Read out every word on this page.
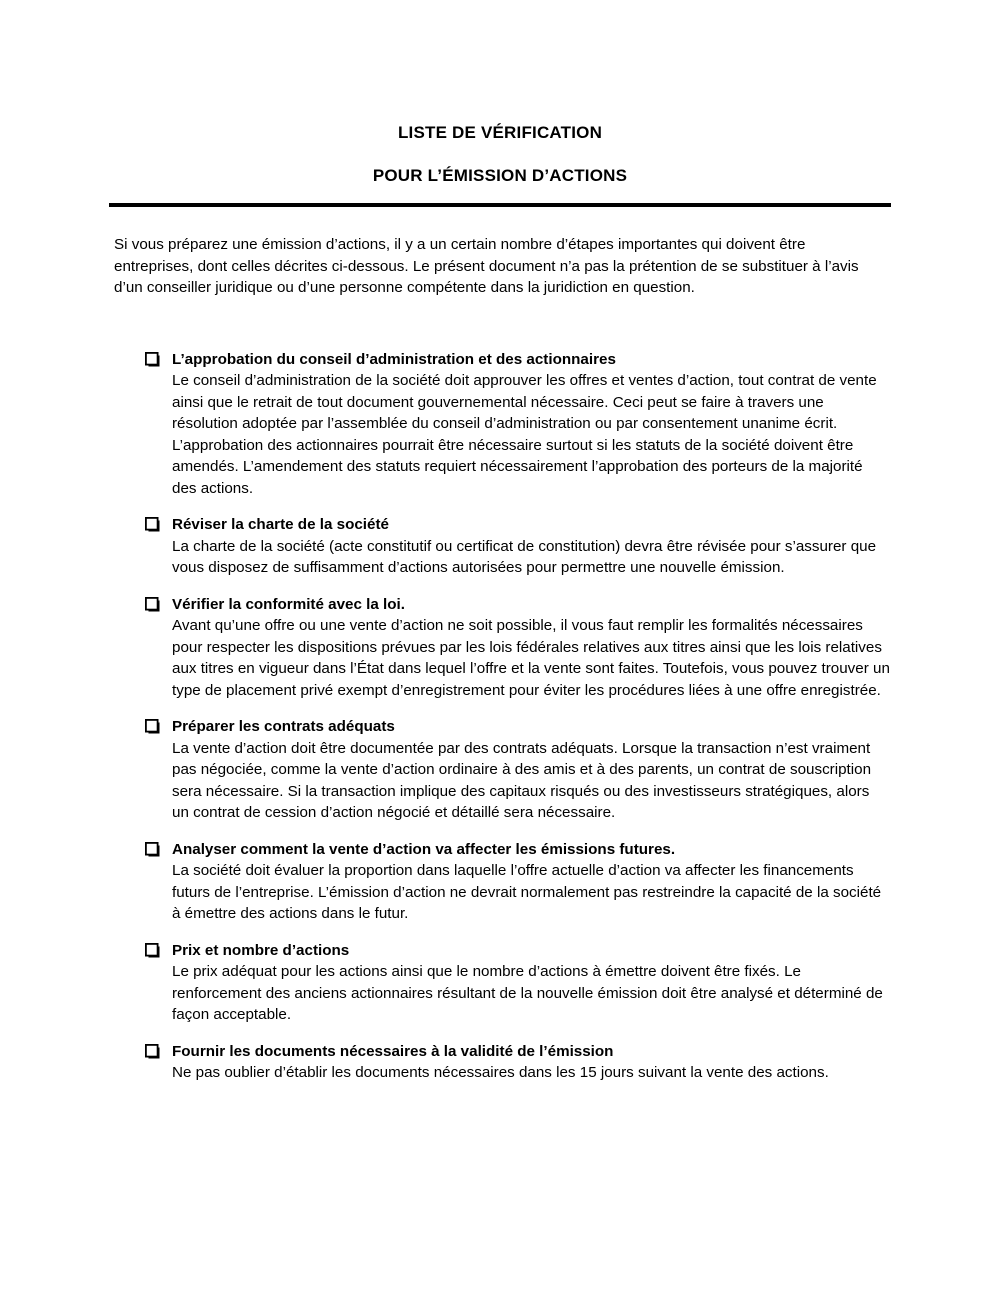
LISTE DE VÉRIFICATION
POUR L’ÉMISSION D’ACTIONS

Si vous préparez une émission d’actions, il y a un certain nombre d’étapes importantes qui doivent être entreprises, dont celles décrites ci-dessous. Le présent document n’a pas la prétention de se substituer à l’avis d’un conseiller juridique ou d’une personne compétente dans la juridiction en question.

L’approbation du conseil d’administration et des actionnaires

Le conseil d’administration de la société doit approuver les offres et ventes d’action, tout contrat de vente ainsi que le retrait de tout document gouvernemental nécessaire. Ceci peut se faire à travers une résolution adoptée par l’assemblée du conseil d’administration ou par consentement unanime écrit. L’approbation des actionnaires pourrait être nécessaire surtout si les statuts de la société doivent être amendés. L’amendement des statuts requiert nécessairement l’approbation des porteurs de la majorité des actions.

Réviser la charte de la société

La charte de la société (acte constitutif ou certificat de constitution) devra être révisée pour s’assurer que vous disposez de suffisamment d’actions autorisées pour permettre une nouvelle émission.

Vérifier la conformité avec la loi.

Avant qu’une offre ou une vente d’action ne soit possible, il vous faut remplir les formalités nécessaires pour respecter les dispositions prévues par les lois fédérales relatives aux titres ainsi que les lois relatives aux titres en vigueur dans l’État dans lequel l’offre et la vente sont faites. Toutefois, vous pouvez trouver un type de placement privé exempt d’enregistrement pour éviter les procédures liées à une offre enregistrée.

Préparer les contrats adéquats

La vente d’action doit être documentée par des contrats adéquats. Lorsque la transaction n’est vraiment pas négociée, comme la vente d’action ordinaire à des amis et à des parents, un contrat de souscription sera nécessaire. Si la transaction implique des capitaux risqués ou des investisseurs stratégiques, alors un contrat de cession d’action négocié et détaillé sera nécessaire.

Analyser comment la vente d’action va affecter les émissions futures.

La société doit évaluer la proportion dans laquelle l’offre actuelle d’action va affecter les financements futurs de l’entreprise. L’émission d’action ne devrait normalement pas restreindre la capacité de la société à émettre des actions dans le futur.

Prix et nombre d’actions

Le prix adéquat pour les actions ainsi que le nombre d’actions à émettre doivent être fixés. Le renforcement des anciens actionnaires résultant de la nouvelle émission doit être analysé et déterminé de façon acceptable.

Fournir les documents nécessaires à la validité de l’émission

Ne pas oublier d’établir les documents nécessaires dans les 15 jours suivant la vente des actions.
